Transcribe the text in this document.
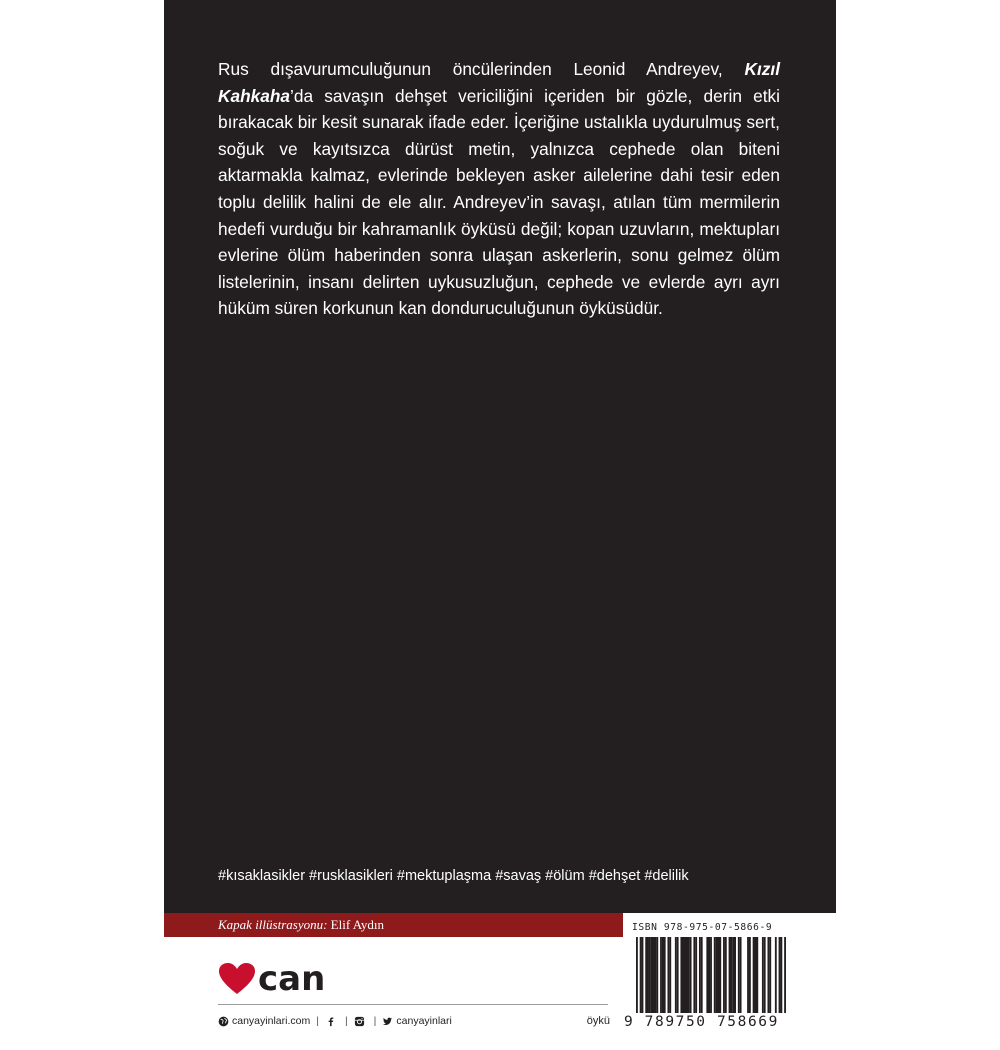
Rus dışavurumculuğunun öncülerinden Leonid Andreyev, Kızıl Kahkaha’da savaşın dehşet vericiliğini içeriden bir gözle, derin etki bırakacak bir kesit sunarak ifade eder. İçeriğine ustalıkla uydurulmuş sert, soğuk ve kayıtsızca dürüst metin, yalnızca cephede olan biteni aktarmakla kalmaz, evlerinde bekleyen asker ailelerine dahi tesir eden toplu delilik halini de ele alır. Andreyev’in savaşı, atılan tüm mermilerin hedefi vurduğu bir kahramanlık öyküsü değil; kopan uzuvların, mektupları evlerine ölüm haberinden sonra ulaşan askerlerin, sonu gelmez ölüm listelerinin, insanı delirten uykusuzluğun, cephede ve evlerde ayrı ayrı hüküm süren korkunun kan donduruculuğunun öyküsüdür.

#kısaklasikler #rusklasikleri #mektuplaşma #savaş #ölüm #dehşet #delilik
Kapak illüstrasyonu: Elif Aydın	ISBN 978-975-07-5866-9
9 789750 758669
can
canyayinlari.com | | | canyayinlari	öykü
